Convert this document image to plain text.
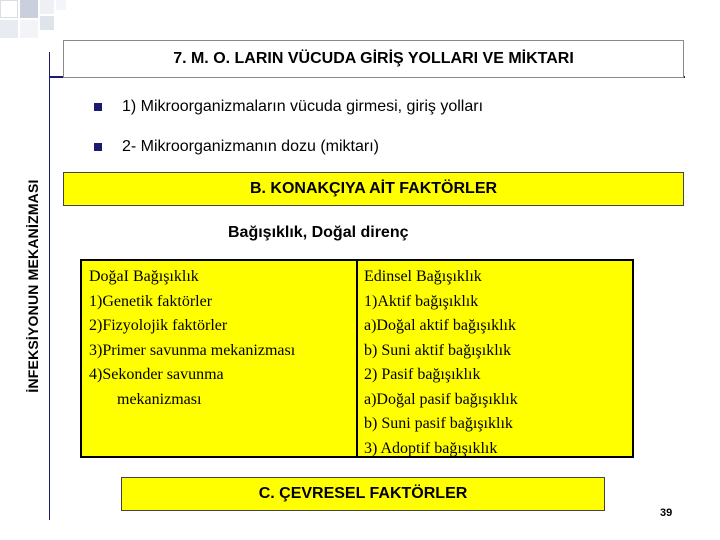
İNFEKSİYONUN MEKANİZMASI
7. M. O. LARIN VÜCUDA GİRİŞ YOLLARI VE MİKTARI
1) Mikroorganizmaların vücuda girmesi, giriş yolları
2- Mikroorganizmanın dozu (miktarı)
B. KONAKÇIYA AİT FAKTÖRLER
Bağışıklık, Doğal direnç
DoğaI Bağışıklık
1)Genetik faktörler
2)Fizyolojik faktörler
3)Primer savunma mekanizması
4)Sekonder savunma
mekanizması
Edinsel Bağışıklık
1)Aktif bağışıklık
a)Doğal aktif bağışıklık
b) Suni aktif bağışıklık
2) Pasif bağışıklık
a)Doğal pasif bağışıklık
b) Suni pasif bağışıklık
3) Adoptif bağışıklık
C. ÇEVRESEL FAKTÖRLER
39
